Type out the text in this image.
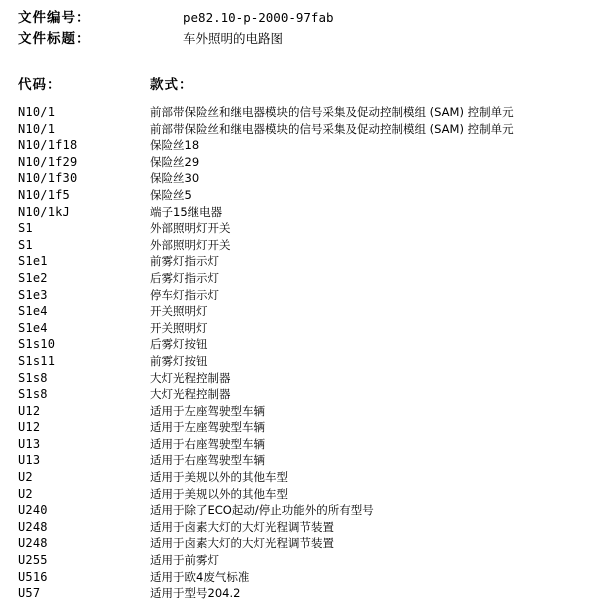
文件编号：	pe82.10-p-2000-97fab
文件标题：	车外照明的电路图
代码：	款式：
N10/1	前部带保险丝和继电器模块的信号采集及促动控制模组 (SAM) 控制单元
N10/1	前部带保险丝和继电器模块的信号采集及促动控制模组 (SAM) 控制单元
N10/1f18	保险丝18
N10/1f29	保险丝29
N10/1f30	保险丝30
N10/1f5	保险丝5
N10/1kJ	端子15继电器
S1	外部照明灯开关
S1	外部照明灯开关
S1e1	前雾灯指示灯
S1e2	后雾灯指示灯
S1e3	停车灯指示灯
S1e4	开关照明灯
S1e4	开关照明灯
S1s10	后雾灯按钮
S1s11	前雾灯按钮
S1s8	大灯光程控制器
S1s8	大灯光程控制器
U12	适用于左座驾驶型车辆
U12	适用于左座驾驶型车辆
U13	适用于右座驾驶型车辆
U13	适用于右座驾驶型车辆
U2	适用于美规以外的其他车型
U2	适用于美规以外的其他车型
U240	适用于除了ECO起动/停止功能外的所有型号
U248	适用于卤素大灯的大灯光程调节装置
U248	适用于卤素大灯的大灯光程调节装置
U255	适用于前雾灯
U516	适用于欧4废气标准
U57	适用于型号204.2
